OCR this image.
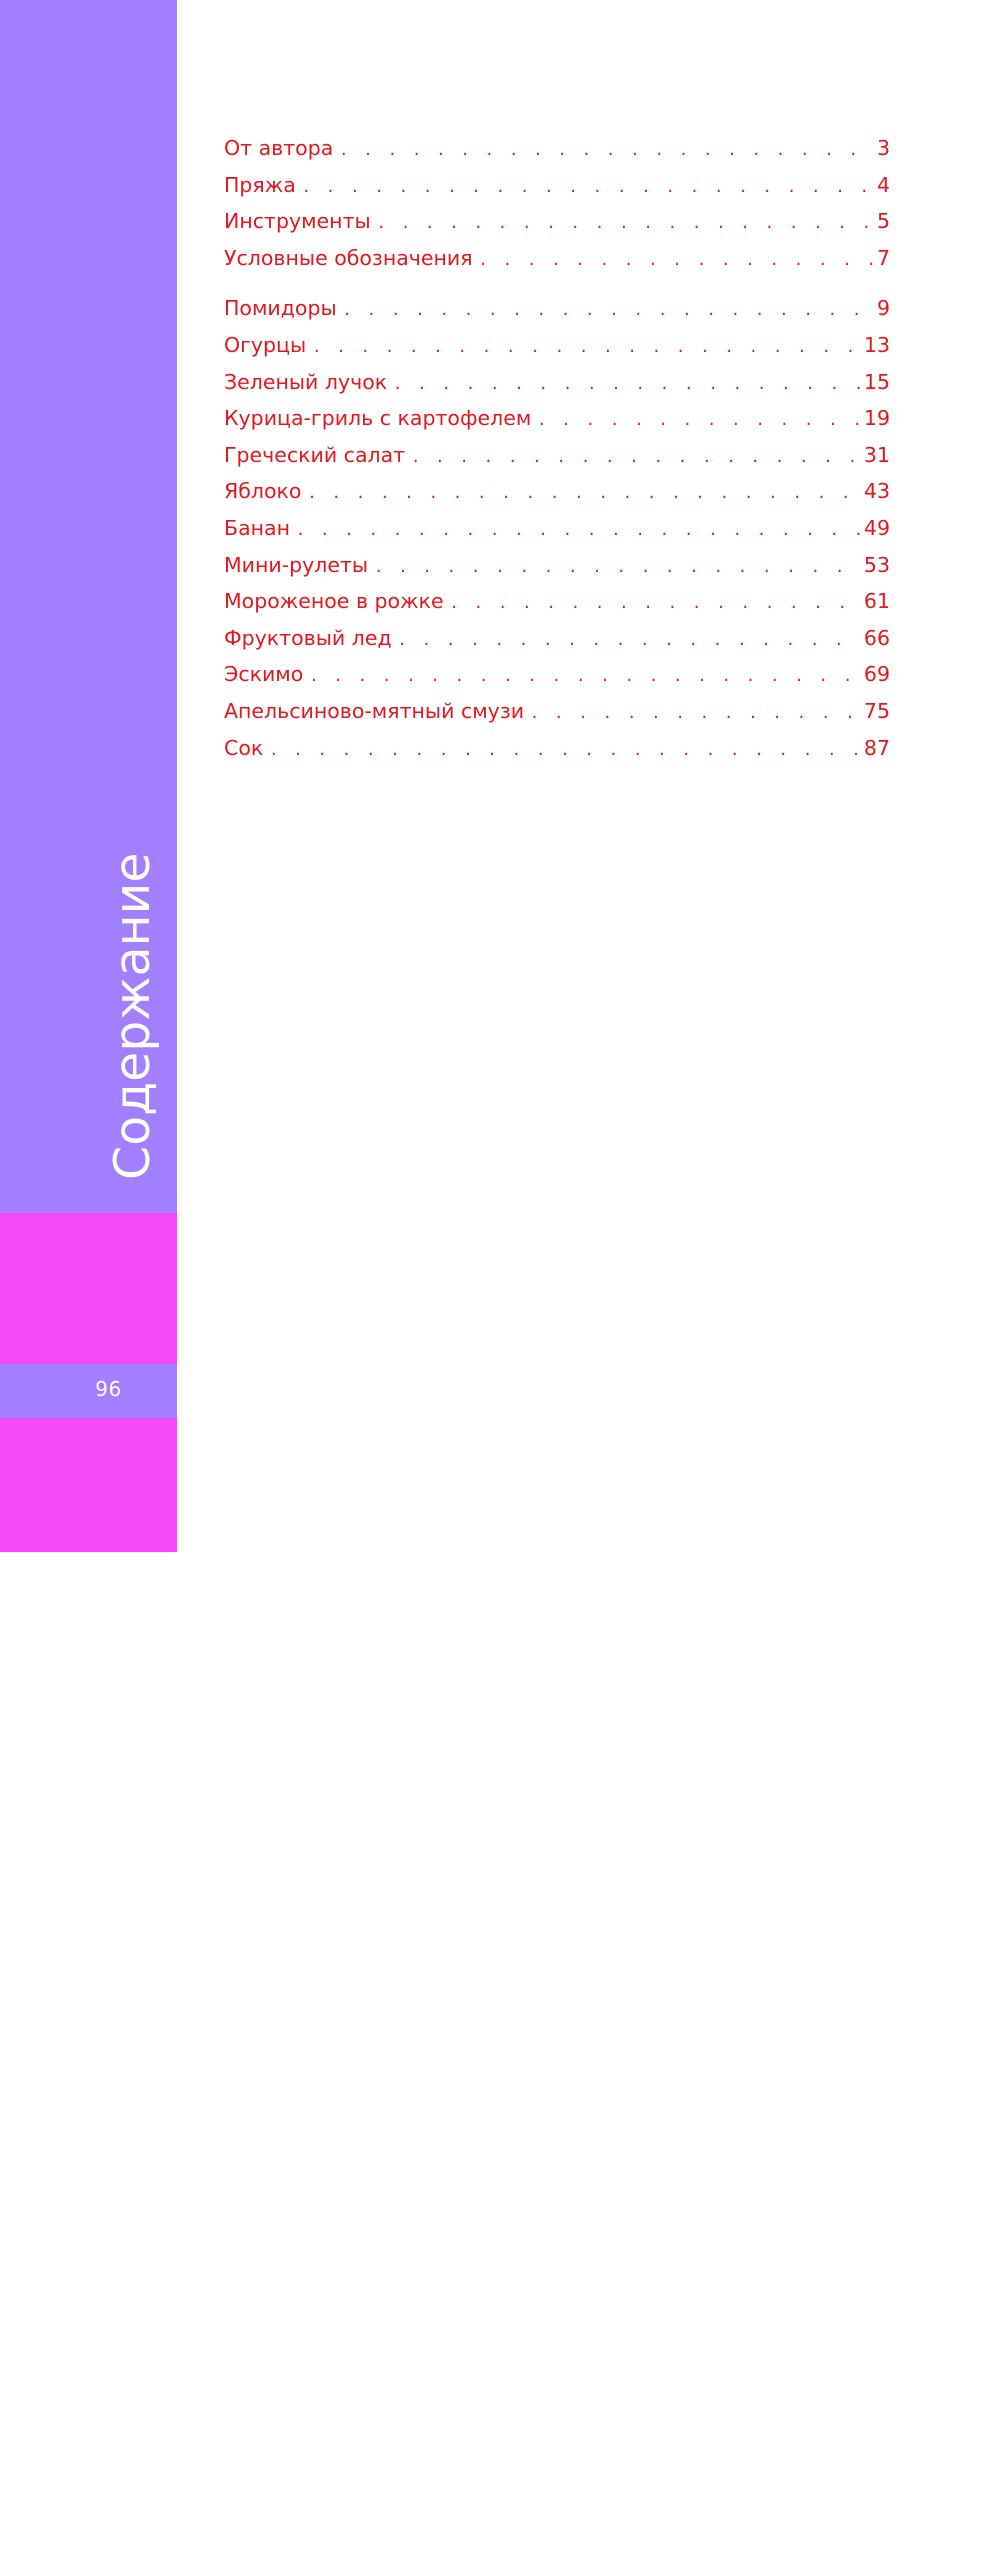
Содержание
96
От автора . . .	3
Пряжа . . .	4
Инструменты . . .	5
Условные обозначения . . .	7
Помидоры . . .	9
Огурцы . . .	13
Зеленый лучок . . .	15
Курица-гриль с картофелем . . .	19
Греческий салат . . .	31
Яблоко . . .	43
Банан . . .	49
Мини-рулеты . . .	53
Мороженое в рожке . . .	61
Фруктовый лед . . .	66
Эскимо . . .	69
Апельсиново-мятный смузи . . .	75
Сок . . .	87
